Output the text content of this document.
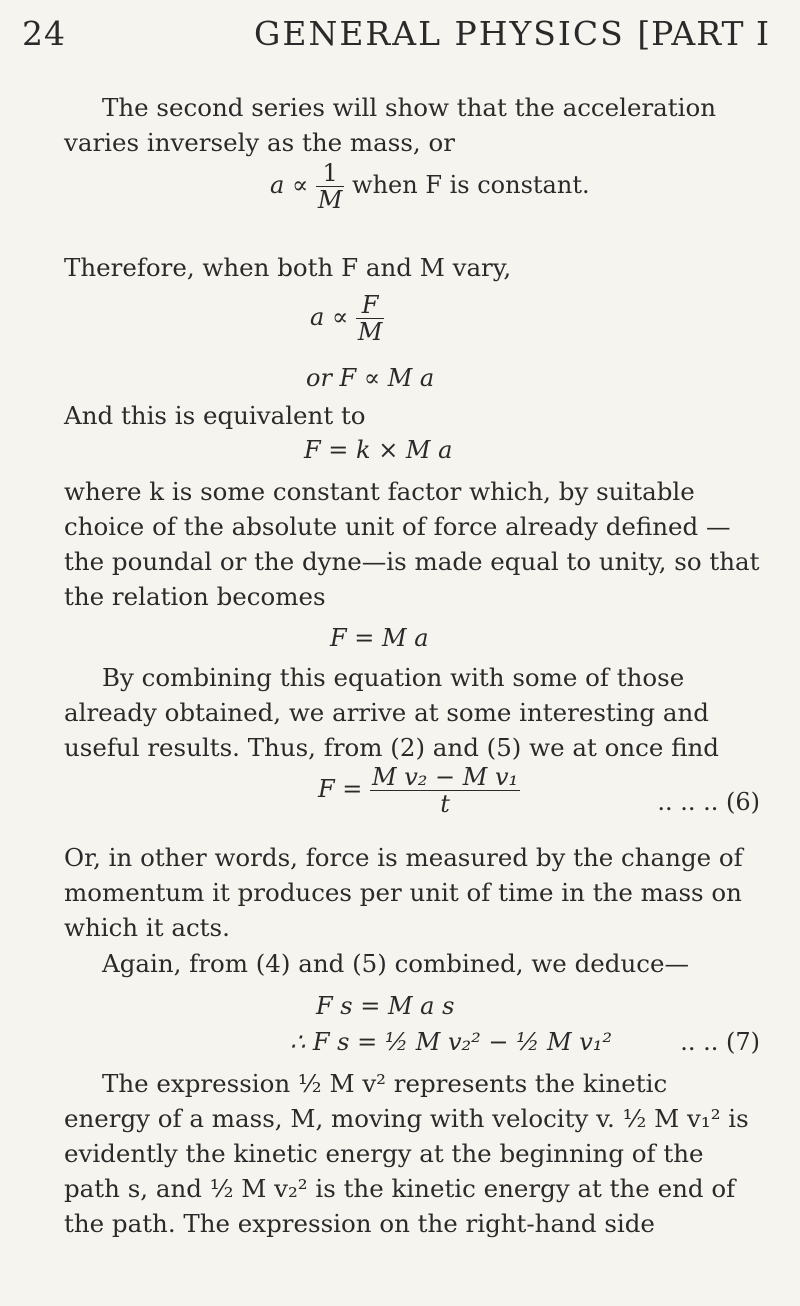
24	GENERAL PHYSICS [PART I

The second series will show that the acceleration varies inversely as the mass, or

$a \propto \frac{1}{M}$ when F is constant.

Therefore, when both F and M vary,

$a \propto \frac{F}{M}$
or F ∝ M a

And this is equivalent to

F = k × M a

where k is some constant factor which, by suitable choice of the absolute unit of force already defined —the poundal or the dyne—is made equal to unity, so that the relation becomes

F = M a

By combining this equation with some of those already obtained, we arrive at some interesting and useful results. Thus, from (2) and (5) we at once find

$F = \frac{\text{M v₂ − M v₁}}{t}$	.. .. .. (6)

Or, in other words, force is measured by the change of momentum it produces per unit of time in the mass on which it acts.

Again, from (4) and (5) combined, we deduce—

F s = M a s
∴ F s = ½ M v₂² − ½ M v₁²	.. .. (7)

The expression ½ M v² represents the kinetic energy of a mass, M, moving with velocity v. ½ M v₁² is evidently the kinetic energy at the beginning of the path s, and ½ M v₂² is the kinetic energy at the end of the path. The expression on the right-hand side
